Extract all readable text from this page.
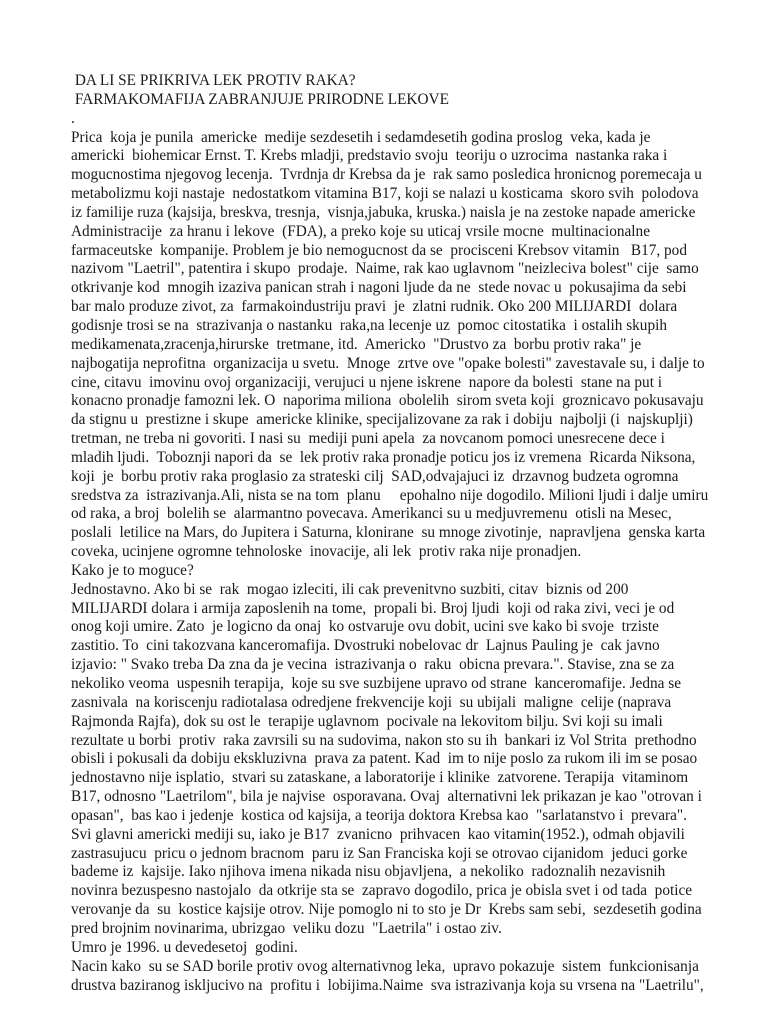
DA LI SE PRIKRIVA LEK PROTIV RAKA?
FARMAKOMAFIJA ZABRANJUJE PRIRODNE LEKOVE
.
Prica  koja je punila  americke  medije sezdesetih i sedamdesetih godina proslog  veka, kada je
americki  biohemicar Ernst. T. Krebs mladji, predstavio svoju  teoriju o uzrocima  nastanka raka i
mogucnostima njegovog lecenja.  Tvrdnja dr Krebsa da je  rak samo posledica hronicnog poremecaja u
metabolizmu koji nastaje  nedostatkom vitamina B17, koji se nalazi u kosticama  skoro svih  polodova
iz familije ruza (kajsija, breskva, tresnja,  visnja,jabuka, kruska.) naisla je na zestoke napade americke
Administracije  za hranu i lekove  (FDA), a preko koje su uticaj vrsile mocne  multinacionalne
farmaceutske  kompanije. Problem je bio nemogucnost da se  procisceni Krebsov vitamin   B17, pod
nazivom "Laetril", patentira i skupo  prodaje.  Naime, rak kao uglavnom "neizleciva bolest" cije  samo
otkrivanje kod  mnogih izaziva panican strah i nagoni ljude da ne  stede novac u  pokusajima da sebi
bar malo produze zivot, za  farmakoindustriju pravi  je  zlatni rudnik. Oko 200 MILIJARDI  dolara
godisnje trosi se na  strazivanja o nastanku  raka,na lecenje uz  pomoc citostatika  i ostalih skupih
medikamenata,zracenja,hirurske  tretmane, itd.  Americko  "Drustvo za  borbu protiv raka" je
najbogatija neprofitna  organizacija u svetu.  Mnoge  zrtve ove "opake bolesti" zavestavale su, i dalje to
cine, citavu  imovinu ovoj organizaciji, verujuci u njene iskrene  napore da bolesti  stane na put i
konacno pronadje famozni lek. O  naporima miliona  obolelih  sirom sveta koji  groznicavo pokusavaju
da stignu u  prestizne i skupe  americke klinike, specijalizovane za rak i dobiju  najbolji (i  najskuplji)
tretman, ne treba ni govoriti. I nasi su  mediji puni apela  za novcanom pomoci unesrecene dece i
mladih ljudi.  Toboznji napori da  se  lek protiv raka pronadje poticu jos iz vremena  Ricarda Niksona,
koji  je  borbu protiv raka proglasio za strateski cilj  SAD,odvajajuci iz  drzavnog budzeta ogromna
sredstva za  istrazivanja.Ali, nista se na tom  planu     epohalno nije dogodilo. Milioni ljudi i dalje umiru
od raka, a broj  bolelih se  alarmantno povecava. Amerikanci su u medjuvremenu  otisli na Mesec,
poslali  letilice na Mars, do Jupitera i Saturna, klonirane  su mnoge zivotinje,  napravljena  genska karta
coveka, ucinjene ogromne tehnoloske  inovacije, ali lek  protiv raka nije pronadjen.
Kako je to moguce?
Jednostavno. Ako bi se  rak  mogao izleciti, ili cak prevenitvno suzbiti, citav  biznis od 200
MILIJARDI dolara i armija zaposlenih na tome,  propali bi. Broj ljudi  koji od raka zivi, veci je od
onog koji umire. Zato  je logicno da onaj  ko ostvaruje ovu dobit, ucini sve kako bi svoje  trziste
zastitio. To  cini takozvana kanceromafija. Dvostruki nobelovac dr  Lajnus Pauling je  cak javno
izjavio: " Svako treba Da zna da je vecina  istrazivanja o  raku  obicna prevara.". Stavise, zna se za
nekoliko veoma  uspesnih terapija,  koje su sve suzbijene upravo od strane  kanceromafije. Jedna se
zasnivala  na koriscenju radiotalasa odredjene frekvencije koji  su ubijali  maligne  celije (naprava
Rajmonda Rajfa), dok su ost le  terapije uglavnom  pocivale na lekovitom bilju. Svi koji su imali
rezultate u borbi  protiv  raka zavrsili su na sudovima, nakon sto su ih  bankari iz Vol Strita  prethodno
obisli i pokusali da dobiju ekskluzivna  prava za patent. Kad  im to nije poslo za rukom ili im se posao
jednostavno nije isplatio,  stvari su zataskane, a laboratorije i klinike  zatvorene. Terapija  vitaminom
B17, odnosno "Laetrilom", bila je najvise  osporavana. Ovaj  alternativni lek prikazan je kao "otrovan i
opasan",  bas kao i jedenje  kostica od kajsija, a teorija doktora Krebsa kao  "sarlatanstvo i  prevara".
Svi glavni americki mediji su, iako je B17  zvanicno  prihvacen  kao vitamin(1952.), odmah objavili
zastrasujucu  pricu o jednom bracnom  paru iz San Franciska koji se otrovao cijanidom  jeduci gorke
bademe iz  kajsije. Iako njihova imena nikada nisu objavljena,  a nekoliko  radoznalih nezavisnih
novinra bezuspesno nastojalo  da otkrije sta se  zapravo dogodilo, prica je obisla svet i od tada  potice
verovanje da  su  kostice kajsije otrov. Nije pomoglo ni to sto je Dr  Krebs sam sebi,  sezdesetih godina
pred brojnim novinarima, ubrizgao  veliku dozu  "Laetrila" i ostao ziv.
Umro je 1996. u devedesetoj  godini.
Nacin kako  su se SAD borile protiv ovog alternativnog leka,  upravo pokazuje  sistem  funkcionisanja
drustva baziranog iskljucivo na  profitu i  lobijima.Naime  sva istrazivanja koja su vrsena na "Laetrilu",
